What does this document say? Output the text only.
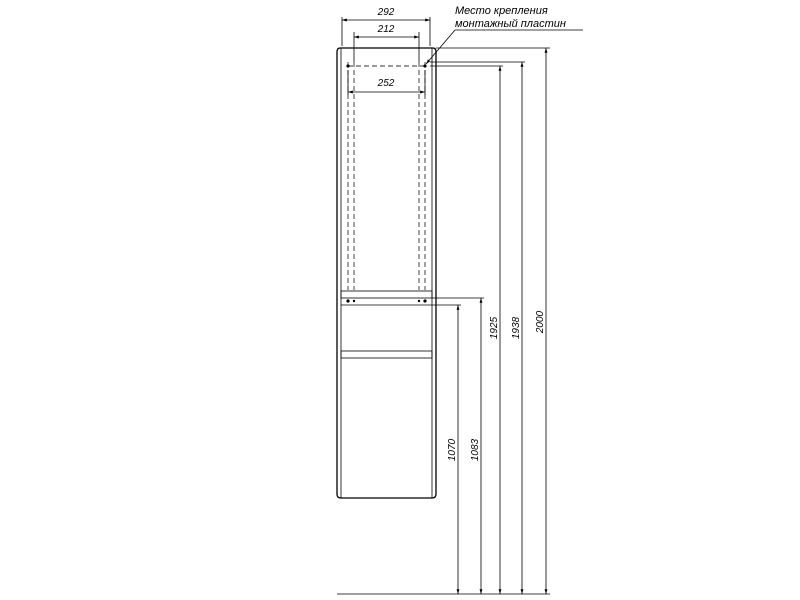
292
212
252
Место крепления
монтажный пластин
1070 1083
1925 1938 2000
